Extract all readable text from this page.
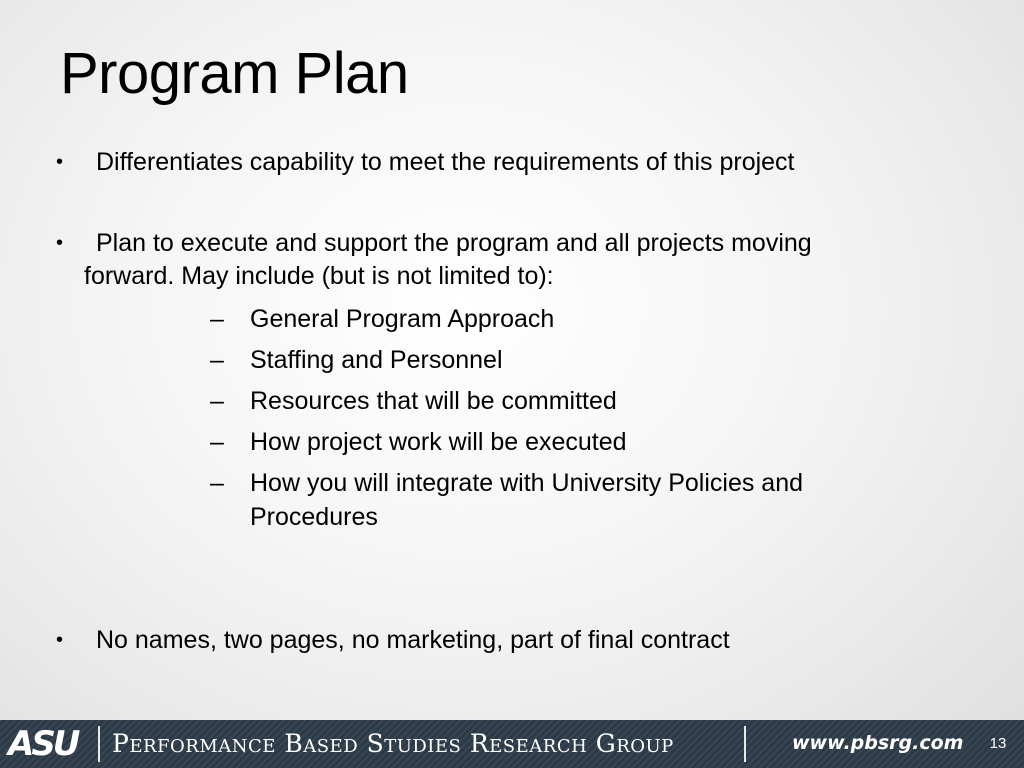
Program Plan
•	Differentiates capability to meet the requirements of this project
•	Plan to execute and support the program and all projects moving
forward. May include (but is not limited to):
–	General Program Approach
–	Staffing and Personnel
–	Resources that will be committed
–	How project work will be executed
–	How you will integrate with University Policies and
Procedures
•	No names, two pages, no marketing, part of final contract
ASU	Performance Based Studies Research Group	www.pbsrg.com	13
